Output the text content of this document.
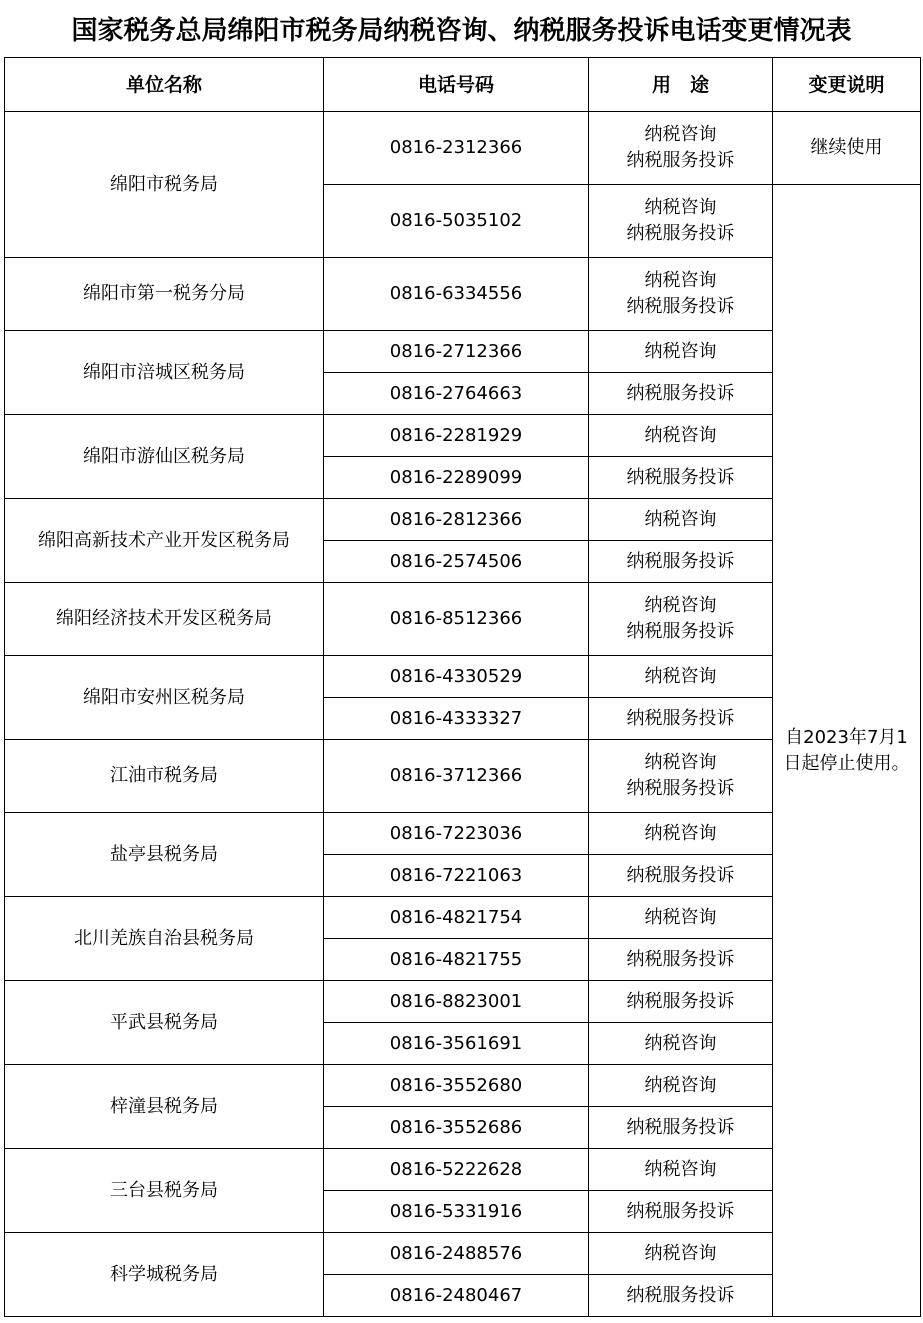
国家税务总局绵阳市税务局纳税咨询、纳税服务投诉电话变更情况表
单位名称	电话号码	用　途	变更说明
绵阳市税务局	0816-2312366	纳税咨询
纳税服务投诉	继续使用
	0816-5035102	纳税咨询
纳税服务投诉	自2023年7月1
日起停止使用。
绵阳市第一税务分局	0816-6334556	纳税咨询
纳税服务投诉	
绵阳市涪城区税务局	0816-2712366	纳税咨询	
	0816-2764663	纳税服务投诉	
绵阳市游仙区税务局	0816-2281929	纳税咨询	
	0816-2289099	纳税服务投诉	
绵阳高新技术产业开发区税务局	0816-2812366	纳税咨询	
	0816-2574506	纳税服务投诉	
绵阳经济技术开发区税务局	0816-8512366	纳税咨询
纳税服务投诉	
绵阳市安州区税务局	0816-4330529	纳税咨询	
	0816-4333327	纳税服务投诉	
江油市税务局	0816-3712366	纳税咨询
纳税服务投诉	
盐亭县税务局	0816-7223036	纳税咨询	
	0816-7221063	纳税服务投诉	
北川羌族自治县税务局	0816-4821754	纳税咨询	
	0816-4821755	纳税服务投诉	
平武县税务局	0816-8823001	纳税服务投诉	
	0816-3561691	纳税咨询	
梓潼县税务局	0816-3552680	纳税咨询	
	0816-3552686	纳税服务投诉	
三台县税务局	0816-5222628	纳税咨询	
	0816-5331916	纳税服务投诉	
科学城税务局	0816-2488576	纳税咨询	
	0816-2480467	纳税服务投诉	
